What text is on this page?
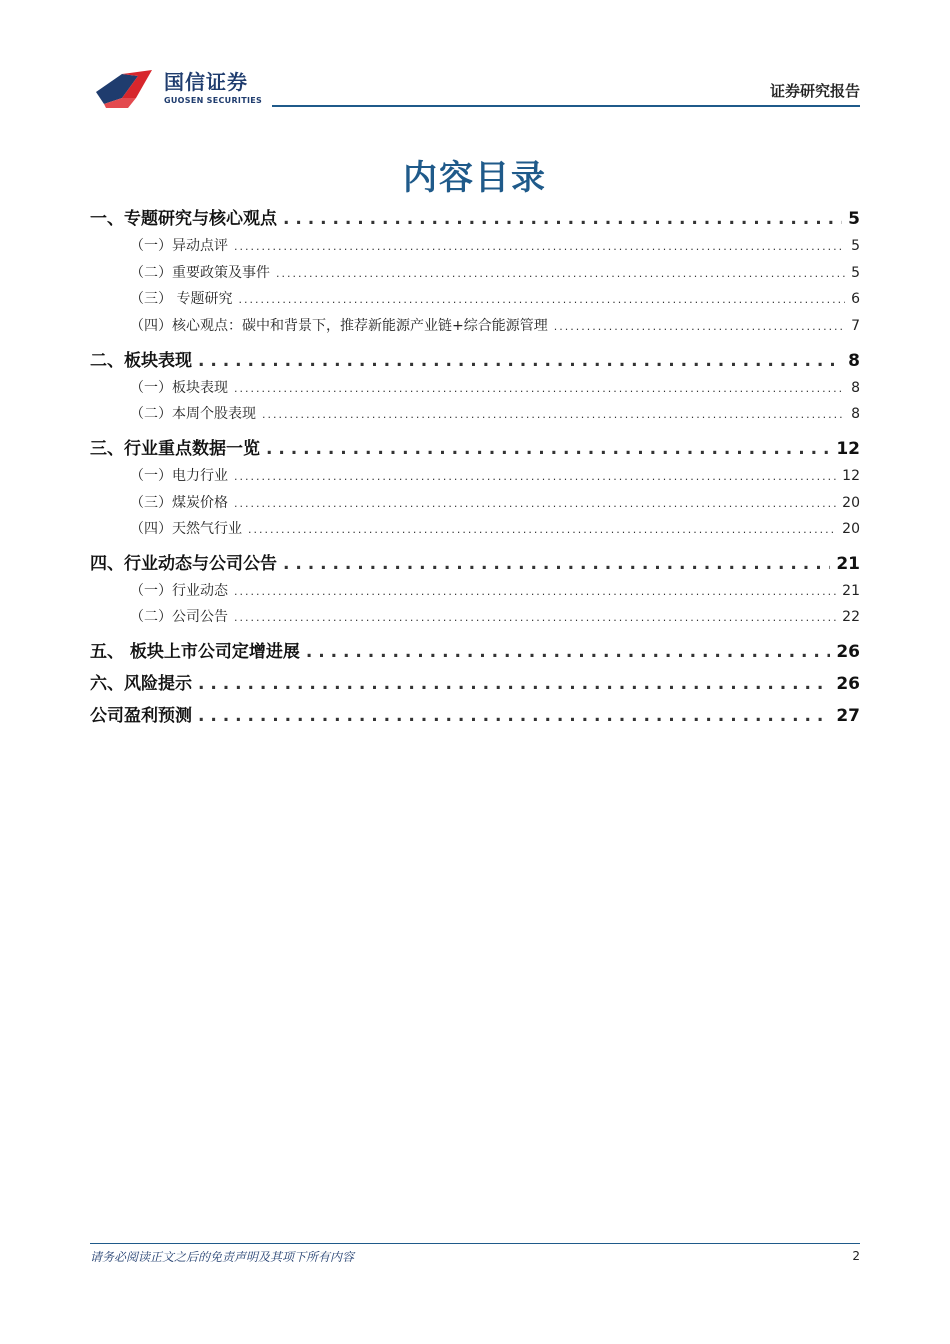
国信证券
GUOSEN SECURITIES
证券研究报告
内容目录
一、专题研究与核心观点 . . .	5
（一）异动点评 .....	5
（二）重要政策及事件 .....	5
（三） 专题研究 .....	6
（四）核心观点：碳中和背景下，推荐新能源产业链+综合能源管理 .....	7
二、板块表现 . . .	8
（一）板块表现 .....	8
（二）本周个股表现 .....	8
三、行业重点数据一览 . . .	12
（一）电力行业 .....	12
（三）煤炭价格 .....	20
（四）天然气行业 .....	20
四、行业动态与公司公告 . . .	21
（一）行业动态 .....	21
（二）公司公告 .....	22
五、 板块上市公司定增进展 . . .	26
六、风险提示 . . .	26
公司盈利预测 . . .	27
请务必阅读正文之后的免责声明及其项下所有内容	2
